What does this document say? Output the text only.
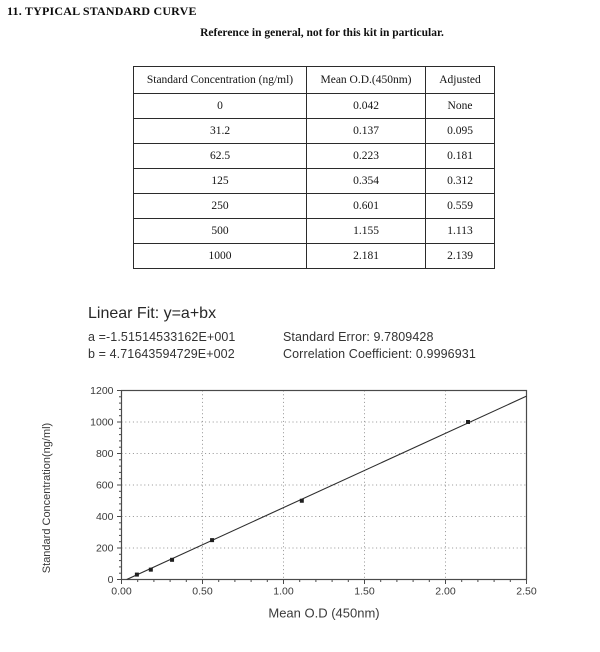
11. TYPICAL STANDARD CURVE
Reference in general, not for this kit in particular.
Standard Concentration (ng/ml)	Mean O.D.(450nm)	Adjusted
0	0.042	None
31.2	0.137	0.095
62.5	0.223	0.181
125	0.354	0.312
250	0.601	0.559
500	1.155	1.113
1000	2.181	2.139
Linear Fit: y=a+bx
a =-1.51514533162E+001	Standard Error: 9.7809428
b = 4.71643594729E+002	Correlation Coefficient: 0.9996931
0.00	0.50	1.00	1.50	2.00	2.50
0
200
400
600
800
1000
1200
Mean O.D (450nm)
Standard Concentration(ng/ml)
